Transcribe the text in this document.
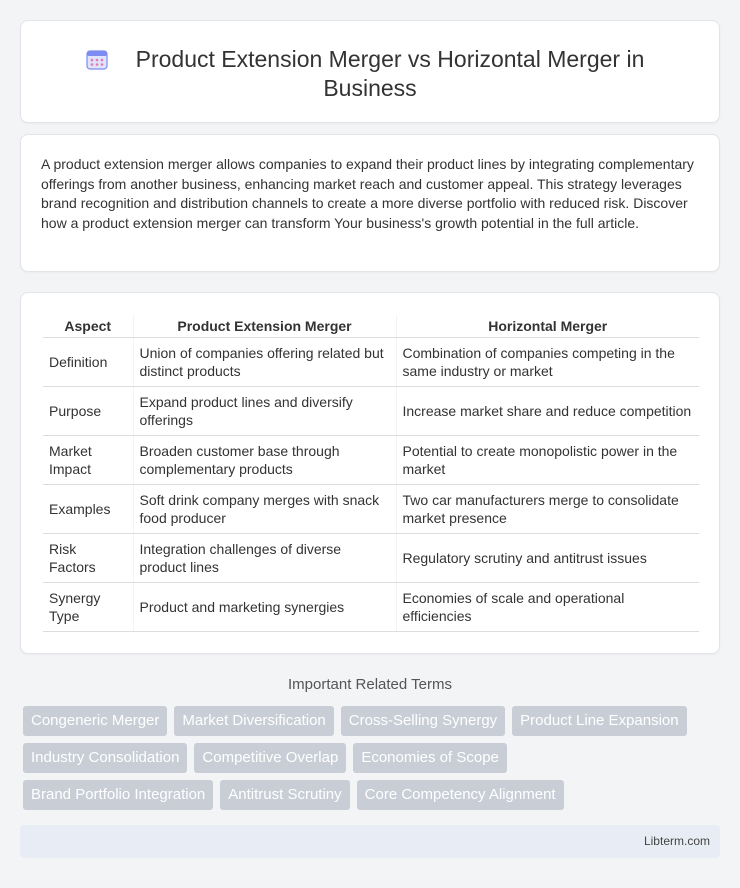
Product Extension Merger vs Horizontal Merger in
Business

A product extension merger allows companies to expand their product lines by integrating complementary offerings from another business, enhancing market reach and customer appeal. This strategy leverages brand recognition and distribution channels to create a more diverse portfolio with reduced risk. Discover how a product extension merger can transform Your business's growth potential in the full article.

Aspect	Product Extension Merger	Horizontal Merger
Definition	Union of companies offering related but distinct products	Combination of companies competing in the same industry or market
Purpose	Expand product lines and diversify offerings	Increase market share and reduce competition
Market Impact	Broaden customer base through complementary products	Potential to create monopolistic power in the market
Examples	Soft drink company merges with snack food producer	Two car manufacturers merge to consolidate market presence
Risk Factors	Integration challenges of diverse product lines	Regulatory scrutiny and antitrust issues
Synergy Type	Product and marketing synergies	Economies of scale and operational efficiencies
Important Related Terms
Congeneric Merger	Market Diversification	Cross-Selling Synergy	Product Line Expansion
Industry Consolidation	Competitive Overlap	Economies of Scope
Brand Portfolio Integration	Antitrust Scrutiny	Core Competency Alignment
Libterm.com
